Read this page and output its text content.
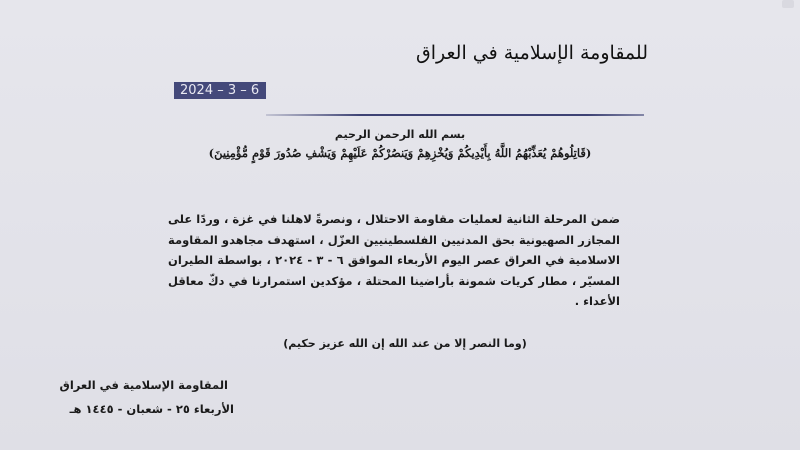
للمقاومة الإسلامية في العراق
2024 – 3 – 6
بسم الله الرحمن الرحيم
(قَاتِلُوهُمْ يُعَذِّبْهُمُ اللَّهُ بِأَيْدِيكُمْ وَيُخْزِهِمْ وَيَنصُرْكُمْ عَلَيْهِمْ وَيَشْفِ صُدُورَ قَوْمٍ مُّؤْمِنِينَ)
ضمن المرحلة الثانية لعمليات مقاومة الاحتلال ، ونصرةً لاهلنا في غزة ، وردًا على المجازر الصهيونية بحق المدنيين الفلسطينيين العزّل ، استهدف مجاهدو المقاومة الاسلامية في العراق عصر اليوم الأربعاء الموافق ٦ - ٣ - ٢٠٢٤ ، بواسطة الطيران المسيّر ، مطار كريات شمونة بأراضينا المحتلة ، مؤكدين استمرارنا في دكّ معاقل الأعداء .
(وما النصر إلا من عند الله إن الله عزيز حكيم)
المقاومة الإسلامية في العراق
الأربعاء ٢٥ - شعبان - ١٤٤٥ هـ
